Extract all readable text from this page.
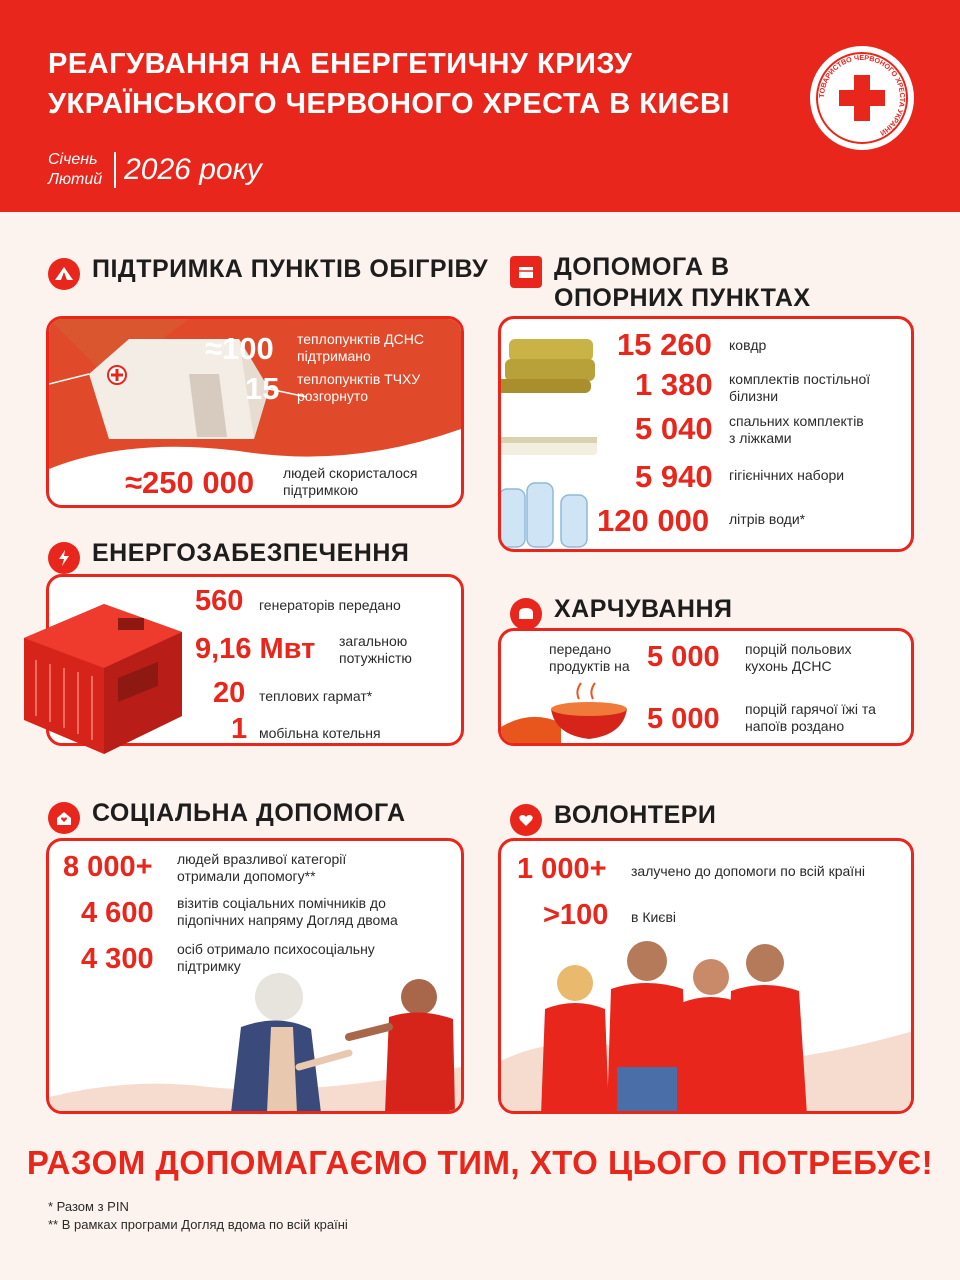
РЕАГУВАННЯ НА ЕНЕРГЕТИЧНУ КРИЗУ
УКРАЇНСЬКОГО ЧЕРВОНОГО ХРЕСТА В КИЄВІ
Січень
Лютий 2026 року
ТОВАРИСТВО ЧЕРВОНОГО ХРЕСТА УКРАЇНИ
ПІДТРИМКА ПУНКТІВ ОБІГРІВУ
≈100 теплопунктів ДСНС
підтримано
15 теплопунктів ТЧХУ
розгорнуто
≈250 000 людей скористалося
підтримкою
ЕНЕРГОЗАБЕЗПЕЧЕННЯ
560 генераторів передано
9,16 Мвт загальною
потужністю
20 теплових гармат*
1 мобільна котельня
ДОПОМОГА В
ОПОРНИХ ПУНКТАХ
15 260 ковдр
1 380 комплектів постільної
білизни
5 040 спальних комплектів
з ліжками
5 940 гігієнічних набори
120 000 літрів води*
ХАРЧУВАННЯ
передано
продуктів на 5 000 порцій польових
кухонь ДСНС
5 000 порцій гарячої їжі та
напоїв роздано
СОЦІАЛЬНА ДОПОМОГА
8 000+ людей вразливої категорії
отримали допомогу**
4 600 візитів соціальних помічників до
підопічних напряму Догляд двома
4 300 осіб отримало психосоціальну
підтримку
ВОЛОНТЕРИ
1 000+ залучено до допомоги по всій країні
>100 в Києві
РАЗОМ ДОПОМАГАЄМО ТИМ, ХТО ЦЬОГО ПОТРЕБУЄ!
* Разом з PIN
** В рамках програми Догляд вдома по всій країні
